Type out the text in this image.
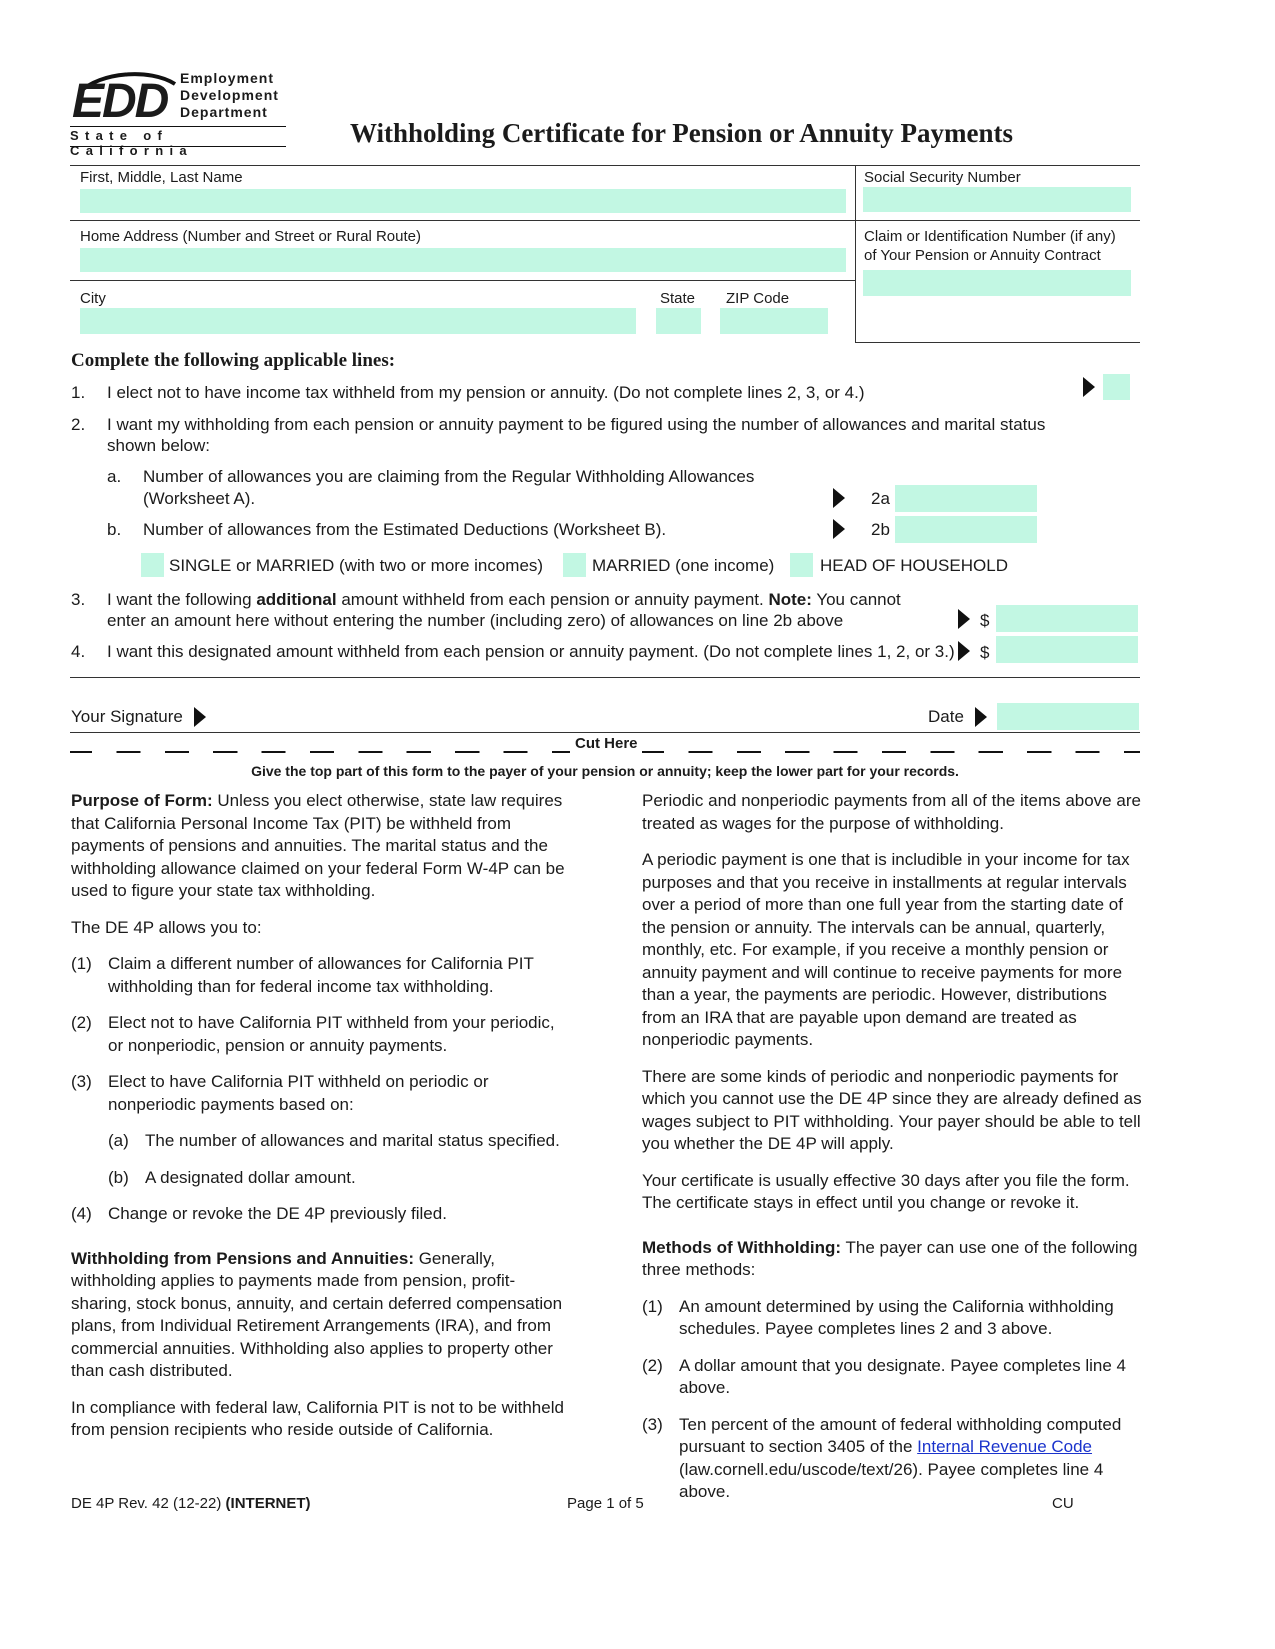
EDD Employment
Development
Department
State of California
Withholding Certificate for Pension or Annuity Payments
First, Middle, Last Name	Social Security Number
Home Address (Number and Street or Rural Route)	Claim or Identification Number (if any)
of Your Pension or Annuity Contract
City	State ZIP Code
Complete the following applicable lines:
1. I elect not to have income tax withheld from my pension or annuity. (Do not complete lines 2, 3, or 4.)
2. I want my withholding from each pension or annuity payment to be figured using the number of allowances and marital status
shown below:
a. Number of allowances you are claiming from the Regular Withholding Allowances
(Worksheet A).	2a
b. Number of allowances from the Estimated Deductions (Worksheet B).	2b
SINGLE or MARRIED (with two or more incomes)	MARRIED (one income)	HEAD OF HOUSEHOLD
3. I want the following additional amount withheld from each pension or annuity payment. Note: You cannot
enter an amount here without entering the number (including zero) of allowances on line 2b above	$
4. I want this designated amount withheld from each pension or annuity payment. (Do not complete lines 1, 2, or 3.) $
Your Signature	Date
Cut Here
Give the top part of this form to the payer of your pension or annuity; keep the lower part for your records.

Purpose of Form: Unless you elect otherwise, state law requires that California Personal Income Tax (PIT) be withheld from payments of pensions and annuities. The marital status and the withholding allowance claimed on your federal Form W-4P can be used to figure your state tax withholding.

The DE 4P allows you to:

(1) Claim a different number of allowances for California PIT withholding than for federal income tax withholding.
(2) Elect not to have California PIT withheld from your periodic, or nonperiodic, pension or annuity payments.
(3) Elect to have California PIT withheld on periodic or nonperiodic payments based on:
(a) The number of allowances and marital status specified.
(b) A designated dollar amount.
(4) Change or revoke the DE 4P previously filed.

Withholding from Pensions and Annuities: Generally, withholding applies to payments made from pension, profit-sharing, stock bonus, annuity, and certain deferred compensation plans, from Individual Retirement Arrangements (IRA), and from commercial annuities. Withholding also applies to property other than cash distributed.

In compliance with federal law, California PIT is not to be withheld from pension recipients who reside outside of California.

Periodic and nonperiodic payments from all of the items above are treated as wages for the purpose of withholding.

A periodic payment is one that is includible in your income for tax purposes and that you receive in installments at regular intervals over a period of more than one full year from the starting date of the pension or annuity. The intervals can be annual, quarterly, monthly, etc. For example, if you receive a monthly pension or annuity payment and will continue to receive payments for more than a year, the payments are periodic. However, distributions from an IRA that are payable upon demand are treated as nonperiodic payments.

There are some kinds of periodic and nonperiodic payments for which you cannot use the DE 4P since they are already defined as wages subject to PIT withholding. Your payer should be able to tell you whether the DE 4P will apply.

Your certificate is usually effective 30 days after you file the form. The certificate stays in effect until you change or revoke it.

Methods of Withholding: The payer can use one of the following three methods:

(1) An amount determined by using the California withholding schedules. Payee completes lines 2 and 3 above.
(2) A dollar amount that you designate. Payee completes line 4 above.
(3) Ten percent of the amount of federal withholding computed pursuant to section 3405 of the Internal Revenue Code (law.cornell.edu/uscode/text/26). Payee completes line 4 above.
DE 4P Rev. 42 (12-22) (INTERNET)	Page 1 of 5	CU
